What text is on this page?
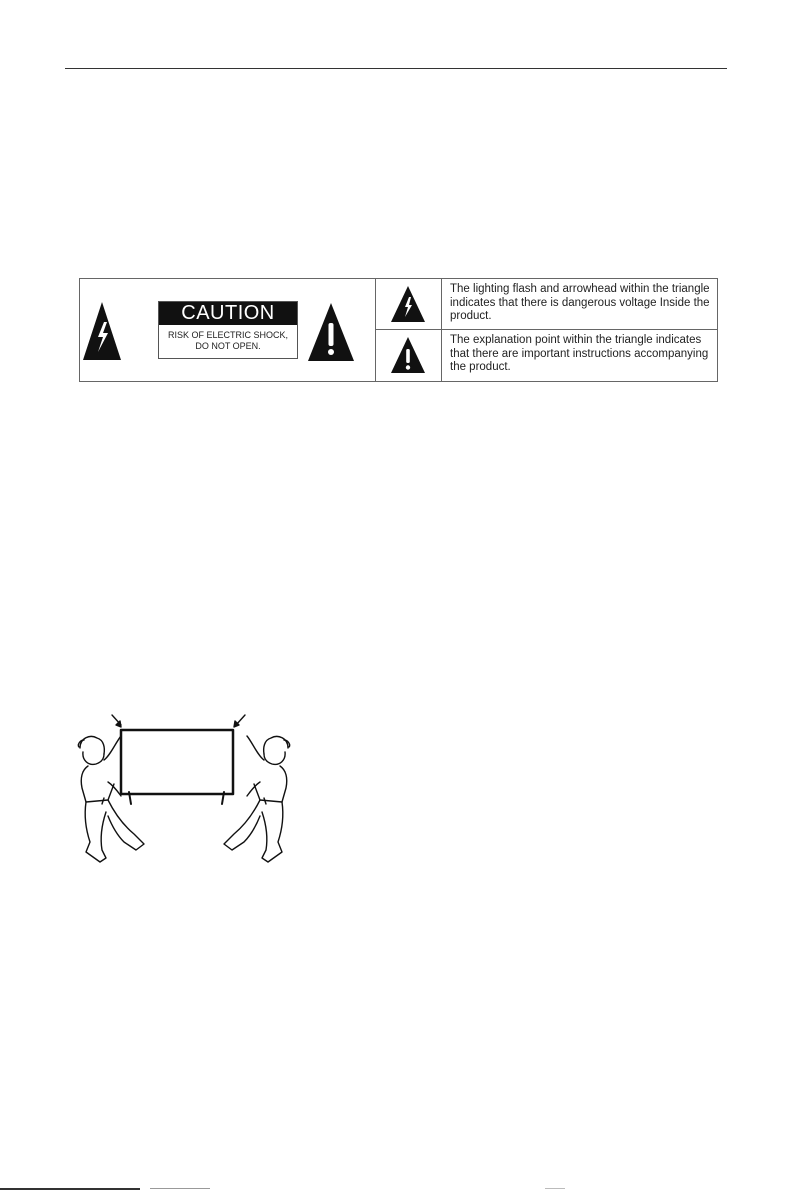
CAUTION
RISK OF ELECTRIC SHOCK,
DO NOT OPEN.
The lighting flash and arrowhead within the triangle indicates that there is dangerous voltage Inside the product.
The explanation point within the triangle indicates that there are important instructions accompanying the product.
